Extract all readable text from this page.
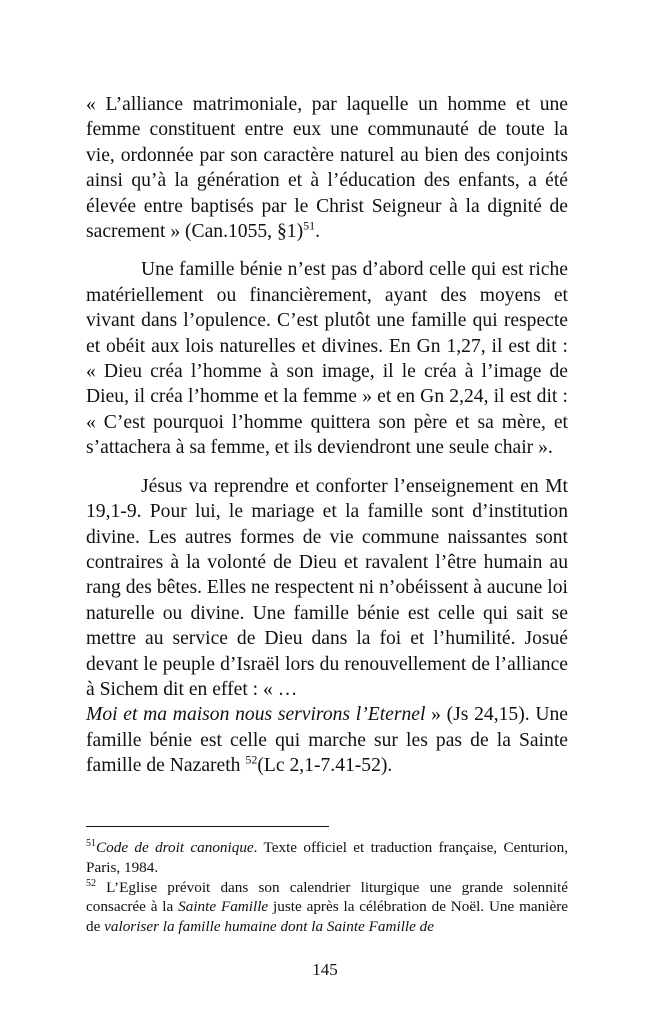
« L’alliance matrimoniale, par laquelle un homme et une femme constituent entre eux une communauté de toute la vie, ordonnée par son caractère naturel au bien des conjoints ainsi qu’à la génération et à l’éducation des enfants, a été élevée entre baptisés par le Christ Seigneur à la dignité de sacrement » (Can.1055, §1)$^{51}$.

Une famille bénie n’est pas d’abord celle qui est riche matériellement ou financièrement, ayant des moyens et vivant dans l’opulence. C’est plutôt une famille qui respecte et obéit aux lois naturelles et divines. En Gn 1,27, il est dit : « Dieu créa l’homme à son image, il le créa à l’image de Dieu, il créa l’homme et la femme » et en Gn 2,24, il est dit : « C’est pourquoi l’homme quittera son père et sa mère, et s’attachera à sa femme, et ils deviendront une seule chair ».

Jésus va reprendre et conforter l’enseignement en Mt 19,1-9. Pour lui, le mariage et la famille sont d’institution divine. Les autres formes de vie commune naissantes sont contraires à la volonté de Dieu et ravalent l’être humain au rang des bêtes. Elles ne respectent ni n’obéissent à aucune loi naturelle ou divine. Une famille bénie est celle qui sait se mettre au service de Dieu dans la foi et l’humilité. Josué devant le peuple d’Israël lors du renouvellement de l’alliance à Sichem dit en effet : « …
Moi et ma maison nous servirons l’Eternel » (Js 24,15). Une famille bénie est celle qui marche sur les pas de la Sainte famille de Nazareth $^{52}$(Lc 2,1-7.41-52).

$^{51}$Code de droit canonique. Texte officiel et traduction française, Centurion, Paris, 1984.

$^{52}$ L’Eglise prévoit dans son calendrier liturgique une grande solennité consacrée à la Sainte Famille juste après la célébration de Noël. Une manière de valoriser la famille humaine dont la Sainte Famille de

145
